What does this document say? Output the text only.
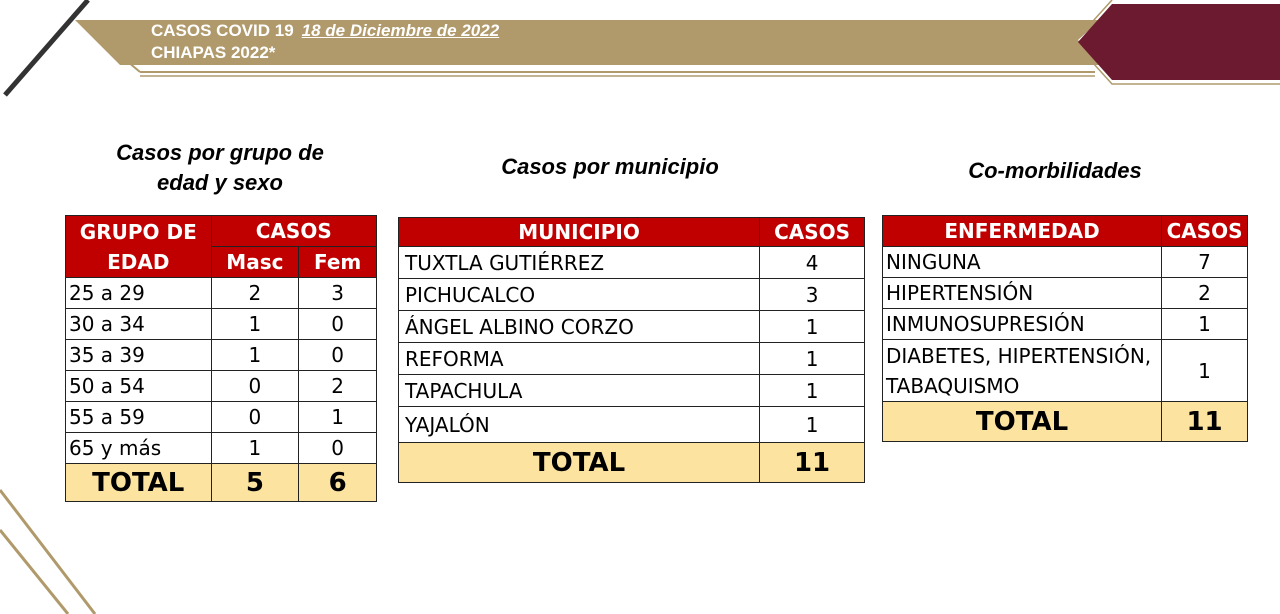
CASOS COVID 19 18 de Diciembre de 2022
CHIAPAS 2022*
Casos por grupo de
edad y sexo
Casos por municipio	Co-morbilidades
GRUPO DE
EDAD	CASOS	
	Masc	Fem
25 a 29	2	3
30 a 34	1	0
35 a 39	1	0
50 a 54	0	2
55 a 59	0	1
65 y más	1	0
TOTAL	5	6
MUNICIPIO	CASOS
TUXTLA GUTIÉRREZ	4
PICHUCALCO	3
ÁNGEL ALBINO CORZO	1
REFORMA	1
TAPACHULA	1
YAJALÓN	1
TOTAL	11
ENFERMEDAD	CASOS
NINGUNA	7
HIPERTENSIÓN	2
INMUNOSUPRESIÓN	1

DIABETES, HIPERTENSIÓN,
TABAQUISMO	1
TOTAL	11
